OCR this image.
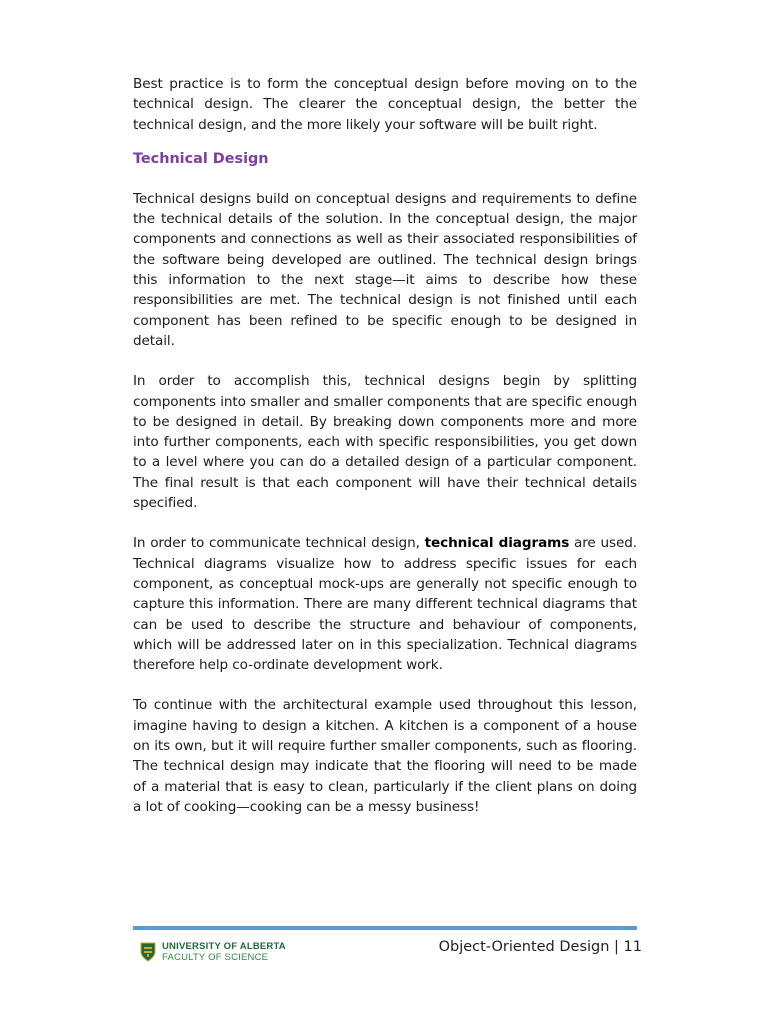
Best practice is to form the conceptual design before moving on to the technical design. The clearer the conceptual design, the better the technical design, and the more likely your software will be built right.

Technical Design

Technical designs build on conceptual designs and requirements to define the technical details of the solution. In the conceptual design, the major components and connections as well as their associated responsibilities of the software being developed are outlined. The technical design brings this information to the next stage—it aims to describe how these responsibilities are met. The technical design is not finished until each component has been refined to be specific enough to be designed in detail.

In order to accomplish this, technical designs begin by splitting components into smaller and smaller components that are specific enough to be designed in detail. By breaking down components more and more into further components, each with specific responsibilities, you get down to a level where you can do a detailed design of a particular component. The final result is that each component will have their technical details specified.

In order to communicate technical design, technical diagrams are used. Technical diagrams visualize how to address specific issues for each component, as conceptual mock-ups are generally not specific enough to capture this information. There are many different technical diagrams that can be used to describe the structure and behaviour of components, which will be addressed later on in this specialization. Technical diagrams therefore help co-ordinate development work.

To continue with the architectural example used throughout this lesson, imagine having to design a kitchen. A kitchen is a component of a house on its own, but it will require further smaller components, such as flooring. The technical design may indicate that the flooring will need to be made of a material that is easy to clean, particularly if the client plans on doing a lot of cooking—cooking can be a messy business!

UNIVERSITY OF ALBERTA
FACULTY OF SCIENCE
Object-Oriented Design | 11
